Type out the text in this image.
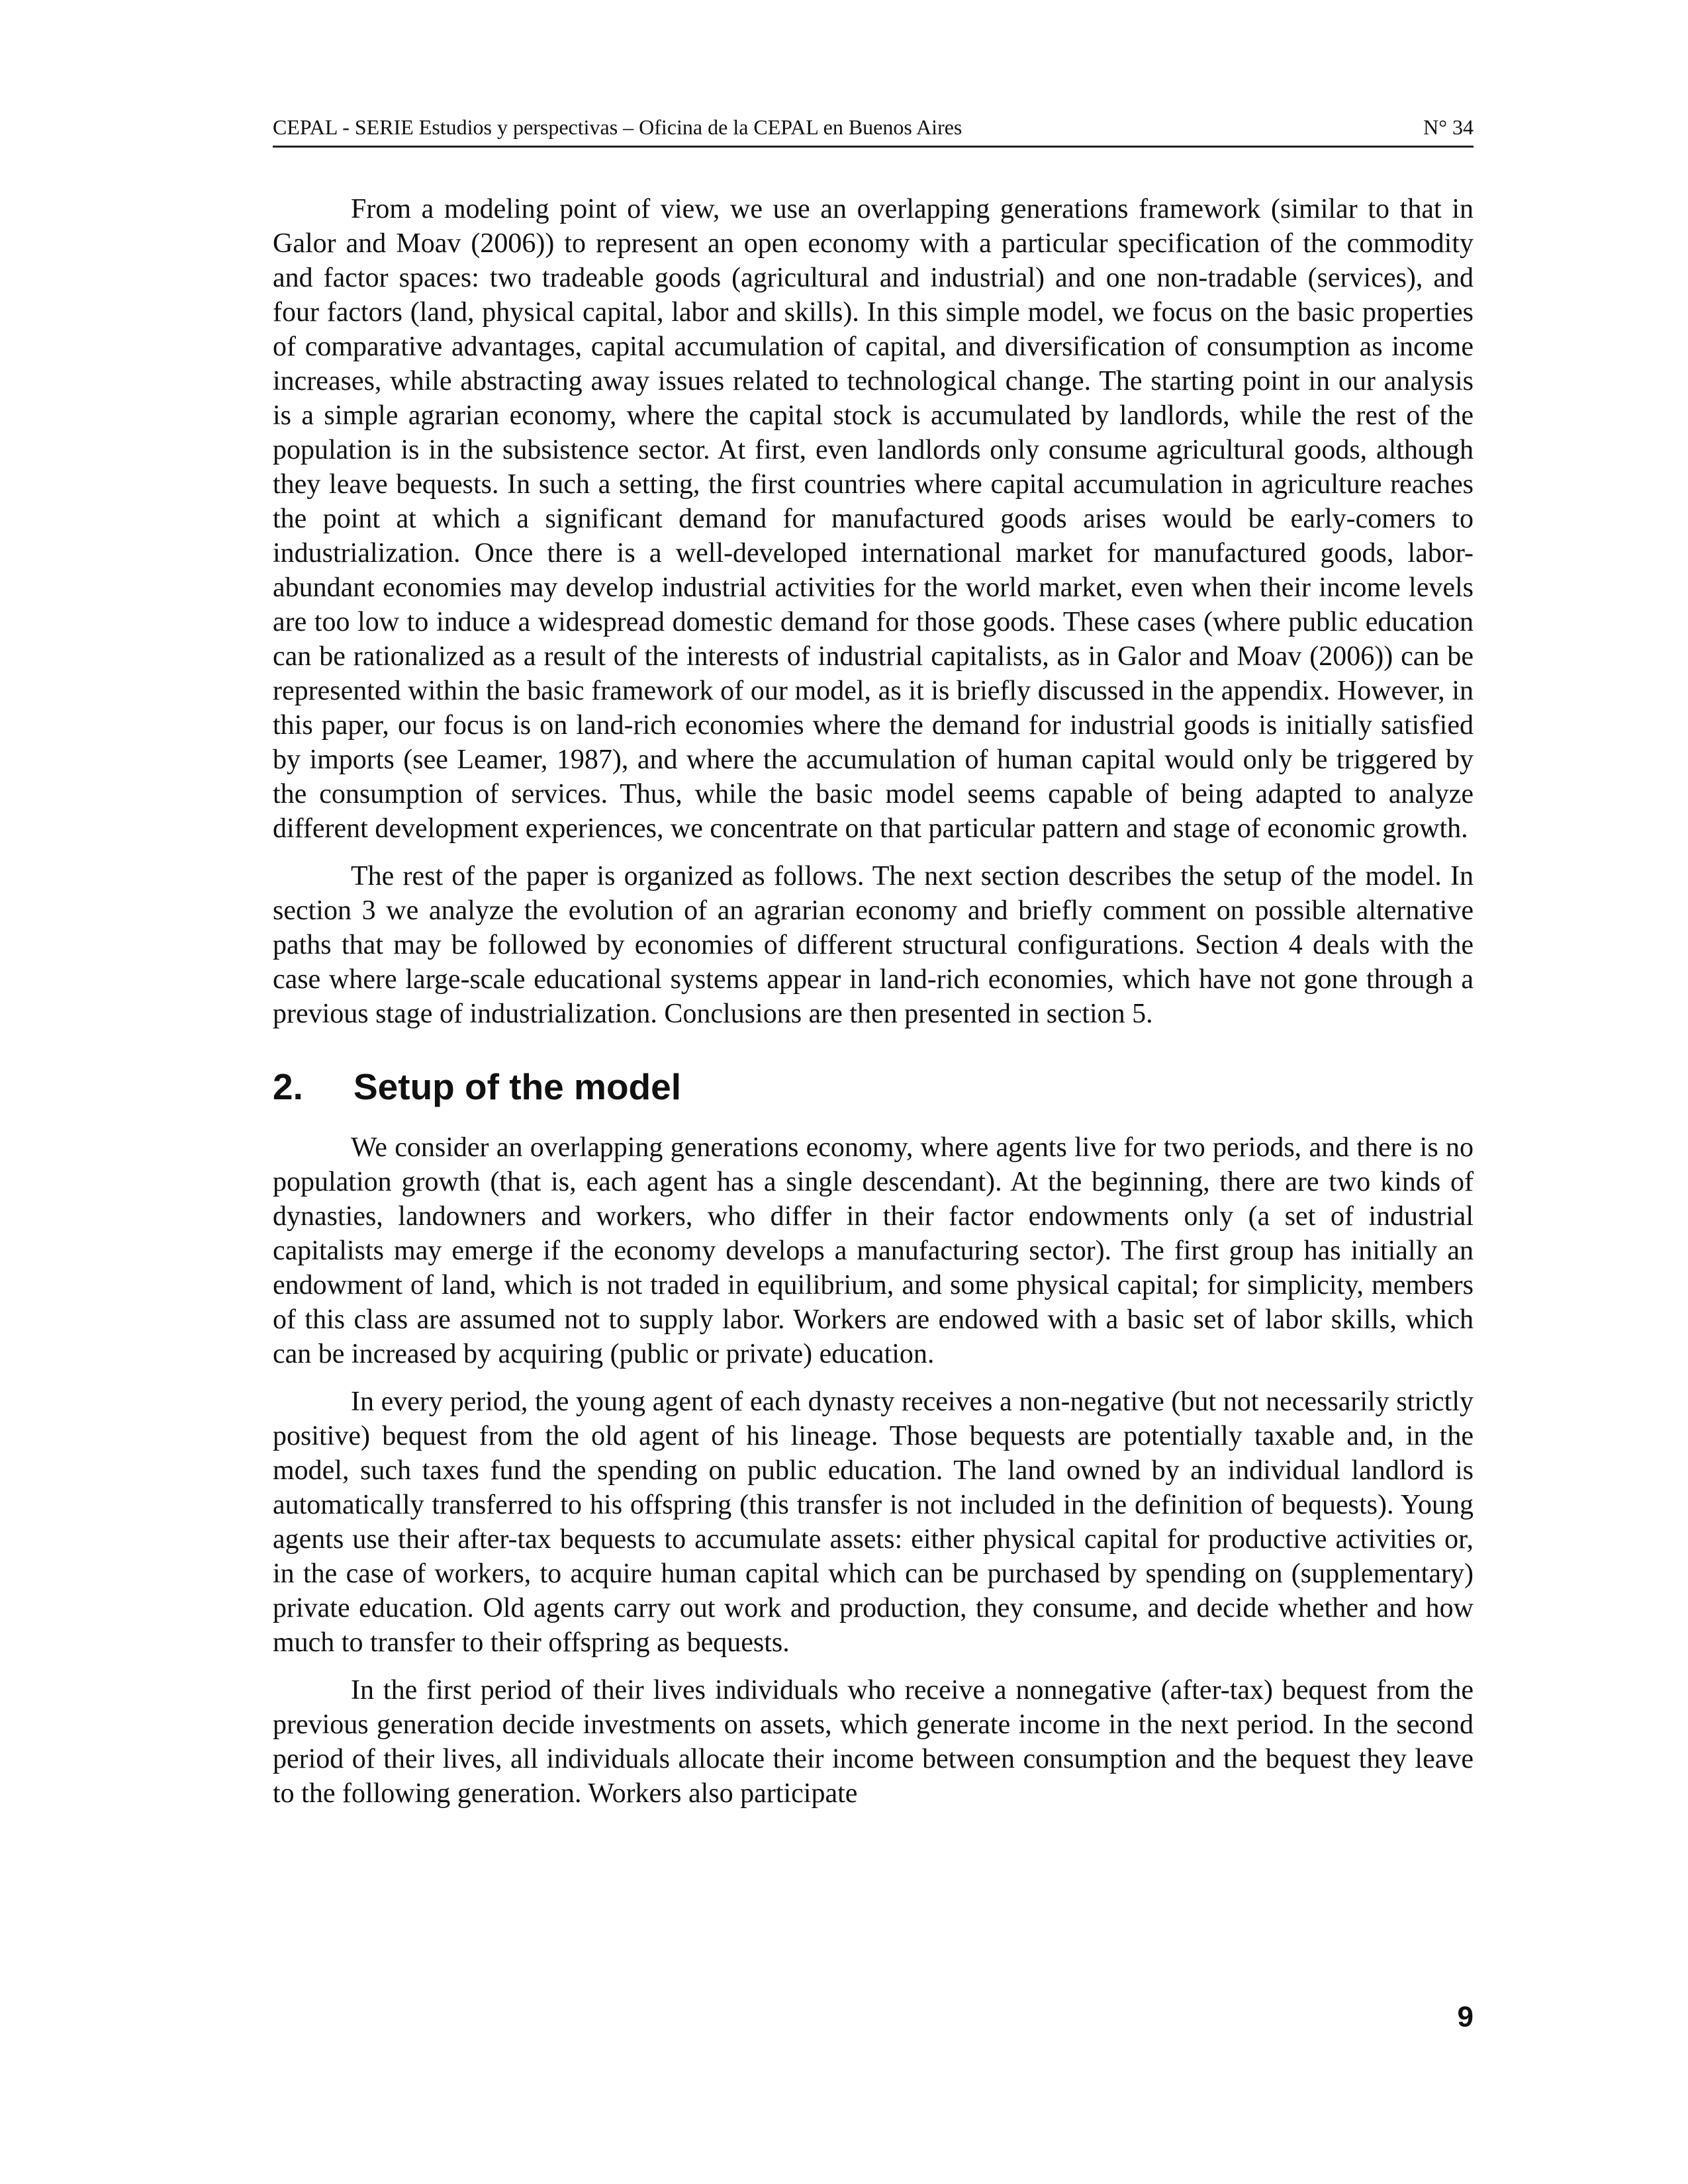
CEPAL - SERIE Estudios y perspectivas – Oficina de la CEPAL en Buenos Aires	N° 34

From a modeling point of view, we use an overlapping generations framework (similar to that in Galor and Moav (2006)) to represent an open economy with a particular specification of the commodity and factor spaces: two tradeable goods (agricultural and industrial) and one non-tradable (services), and four factors (land, physical capital, labor and skills). In this simple model, we focus on the basic properties of comparative advantages, capital accumulation of capital, and diversification of consumption as income increases, while abstracting away issues related to technological change. The starting point in our analysis is a simple agrarian economy, where the capital stock is accumulated by landlords, while the rest of the population is in the subsistence sector. At first, even landlords only consume agricultural goods, although they leave bequests. In such a setting, the first countries where capital accumulation in agriculture reaches the point at which a significant demand for manufactured goods arises would be early-comers to industrialization. Once there is a well-developed international market for manufactured goods, labor-abundant economies may develop industrial activities for the world market, even when their income levels are too low to induce a widespread domestic demand for those goods. These cases (where public education can be rationalized as a result of the interests of industrial capitalists, as in Galor and Moav (2006)) can be represented within the basic framework of our model, as it is briefly discussed in the appendix. However, in this paper, our focus is on land-rich economies where the demand for industrial goods is initially satisfied by imports (see Leamer, 1987), and where the accumulation of human capital would only be triggered by the consumption of services. Thus, while the basic model seems capable of being adapted to analyze different development experiences, we concentrate on that particular pattern and stage of economic growth.

The rest of the paper is organized as follows. The next section describes the setup of the model. In section 3 we analyze the evolution of an agrarian economy and briefly comment on possible alternative paths that may be followed by economies of different structural configurations. Section 4 deals with the case where large-scale educational systems appear in land-rich economies, which have not gone through a previous stage of industrialization. Conclusions are then presented in section 5.

2.	Setup of the model

We consider an overlapping generations economy, where agents live for two periods, and there is no population growth (that is, each agent has a single descendant). At the beginning, there are two kinds of dynasties, landowners and workers, who differ in their factor endowments only (a set of industrial capitalists may emerge if the economy develops a manufacturing sector). The first group has initially an endowment of land, which is not traded in equilibrium, and some physical capital; for simplicity, members of this class are assumed not to supply labor. Workers are endowed with a basic set of labor skills, which can be increased by acquiring (public or private) education.

In every period, the young agent of each dynasty receives a non-negative (but not necessarily strictly positive) bequest from the old agent of his lineage. Those bequests are potentially taxable and, in the model, such taxes fund the spending on public education. The land owned by an individual landlord is automatically transferred to his offspring (this transfer is not included in the definition of bequests). Young agents use their after-tax bequests to accumulate assets: either physical capital for productive activities or, in the case of workers, to acquire human capital which can be purchased by spending on (supplementary) private education. Old agents carry out work and production, they consume, and decide whether and how much to transfer to their offspring as bequests.

In the first period of their lives individuals who receive a nonnegative (after-tax) bequest from the previous generation decide investments on assets, which generate income in the next period. In the second period of their lives, all individuals allocate their income between consumption and the bequest they leave to the following generation. Workers also participate

9
